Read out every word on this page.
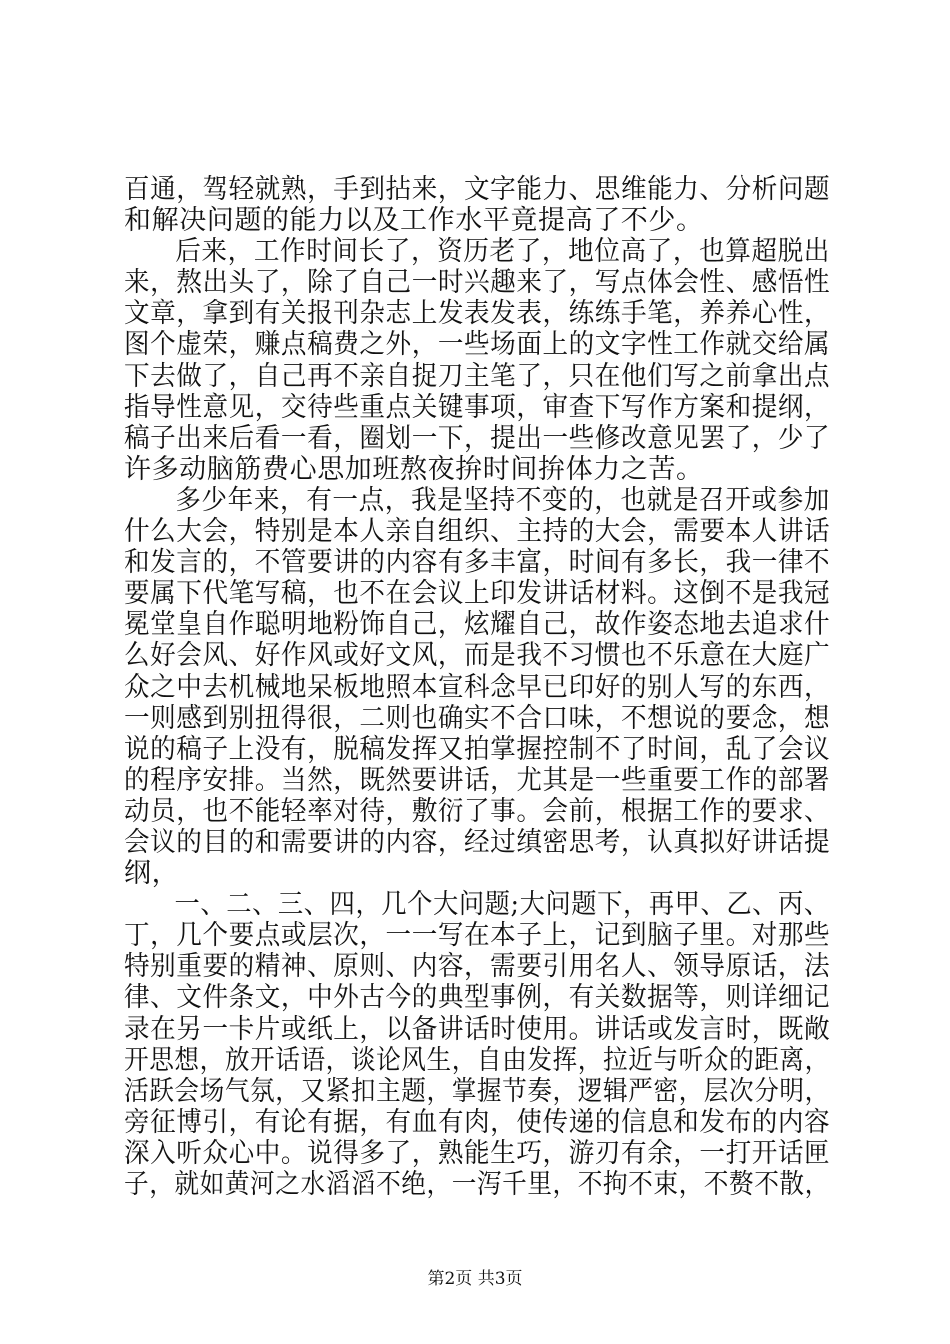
百通，驾轻就熟，手到拈来，文字能力、思维能力、分析问题
和解决问题的能力以及工作水平竟提高了不少。
后来，工作时间长了，资历老了，地位高了，也算超脱出
来，熬出头了，除了自己一时兴趣来了，写点体会性、感悟性
文章，拿到有关报刊杂志上发表发表，练练手笔，养养心性，
图个虚荣，赚点稿费之外，一些场面上的文字性工作就交给属
下去做了，自己再不亲自捉刀主笔了，只在他们写之前拿出点
指导性意见，交待些重点关键事项，审查下写作方案和提纲，
稿子出来后看一看，圈划一下，提出一些修改意见罢了，少了
许多动脑筋费心思加班熬夜拚时间拚体力之苦。
多少年来，有一点，我是坚持不变的，也就是召开或参加
什么大会，特别是本人亲自组织、主持的大会，需要本人讲话
和发言的，不管要讲的内容有多丰富，时间有多长，我一律不
要属下代笔写稿，也不在会议上印发讲话材料。这倒不是我冠
冕堂皇自作聪明地粉饰自己，炫耀自己，故作姿态地去追求什
么好会风、好作风或好文风，而是我不习惯也不乐意在大庭广
众之中去机械地呆板地照本宣科念早已印好的别人写的东西，
一则感到别扭得很，二则也确实不合口味，不想说的要念，想
说的稿子上没有，脱稿发挥又拍掌握控制不了时间，乱了会议
的程序安排。当然，既然要讲话，尤其是一些重要工作的部署
动员，也不能轻率对待，敷衍了事。会前，根据工作的要求、
会议的目的和需要讲的内容，经过缜密思考，认真拟好讲话提
纲，
一、二、三、四，几个大问题;大问题下，再甲、乙、丙、
丁，几个要点或层次，一一写在本子上，记到脑子里。对那些
特别重要的精神、原则、内容，需要引用名人、领导原话，法
律、文件条文，中外古今的典型事例，有关数据等，则详细记
录在另一卡片或纸上，以备讲话时使用。讲话或发言时，既敞
开思想，放开话语，谈论风生，自由发挥，拉近与听众的距离，
活跃会场气氛，又紧扣主题，掌握节奏，逻辑严密，层次分明，
旁征博引，有论有据，有血有肉，使传递的信息和发布的内容
深入听众心中。说得多了，熟能生巧，游刃有余，一打开话匣
子，就如黄河之水滔滔不绝，一泻千里，不拘不束，不赘不散，
第2页 共3页
